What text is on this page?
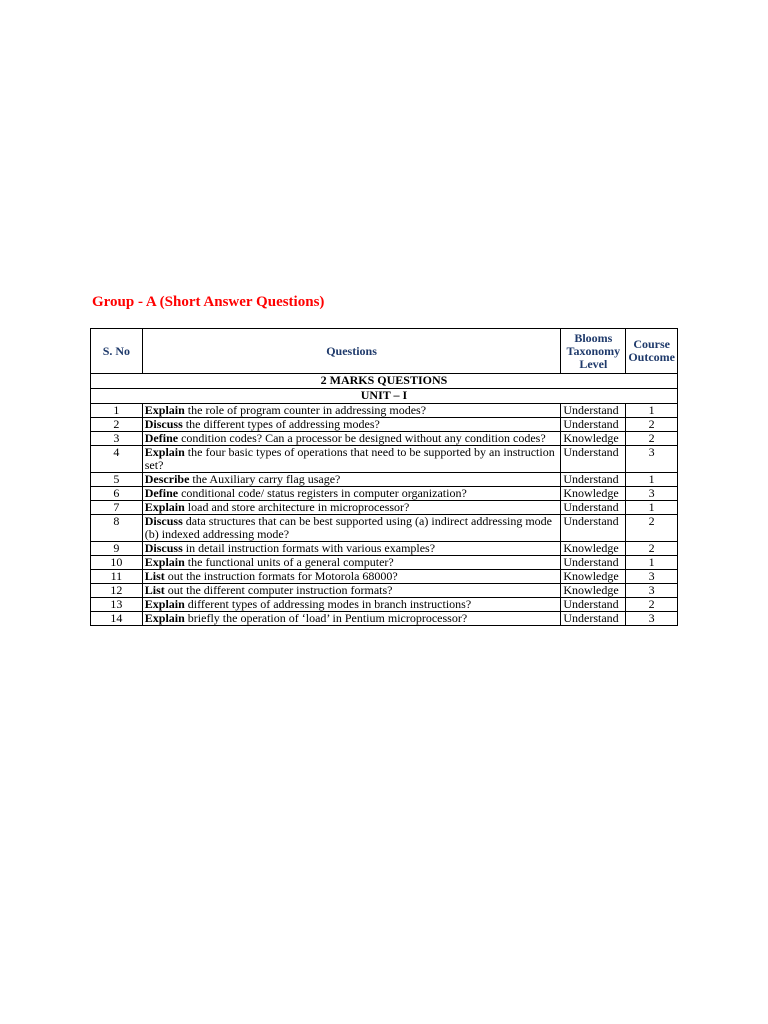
Group - A (Short Answer Questions)
S. No	Questions	Blooms Taxonomy Level	Course Outcome
2 MARKS QUESTIONS			
UNIT – I			
1	Explain the role of program counter in addressing modes?	Understand	1
2	Discuss the different types of addressing modes?	Understand	2
3	Define condition codes? Can a processor be designed without any condition codes?	Knowledge	2
4	Explain the four basic types of operations that need to be supported by an instruction set?	Understand	3
5	Describe the Auxiliary carry flag usage?	Understand	1
6	Define conditional code/ status registers in computer organization?	Knowledge	3
7	Explain load and store architecture in microprocessor?	Understand	1
8	Discuss data structures that can be best supported using (a) indirect addressing mode (b) indexed addressing mode?	Understand	2
9	Discuss in detail instruction formats with various examples?	Knowledge	2
10	Explain the functional units of a general computer?	Understand	1
11	List out the instruction formats for Motorola 68000?	Knowledge	3
12	List out the different computer instruction formats?	Knowledge	3
13	Explain different types of addressing modes in branch instructions?	Understand	2
14	Explain briefly the operation of ‘load’ in Pentium microprocessor?	Understand	3
